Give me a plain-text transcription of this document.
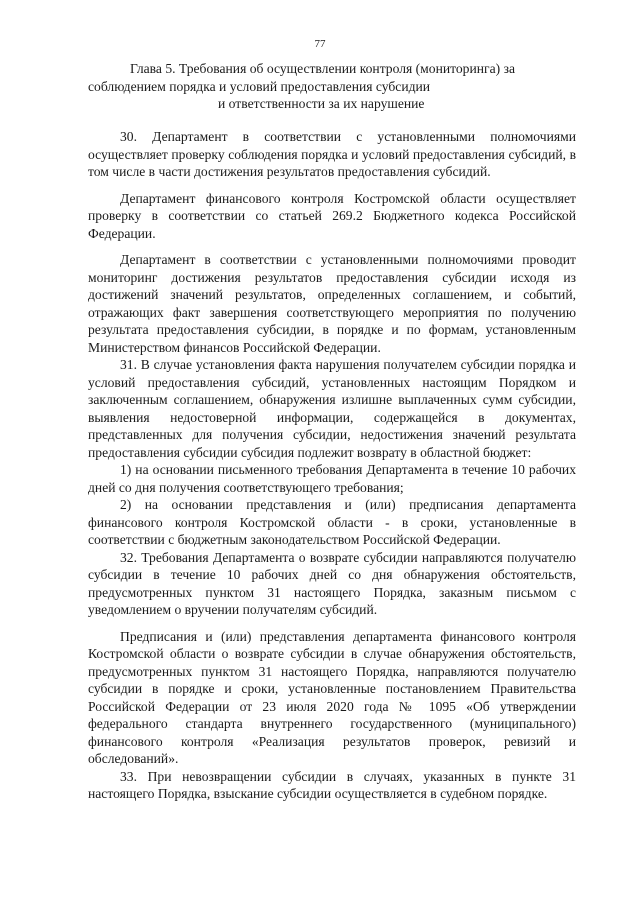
77
Глава 5. Требования об осуществлении контроля (мониторинга) за
соблюдением порядка и условий предоставления субсидии
и ответственности за их нарушение

30. Департамент в соответствии с установленными полномочиями осуществляет проверку соблюдения порядка и условий предоставления субсидий, в том числе в части достижения результатов предоставления субсидий.

Департамент финансового контроля Костромской области осуществляет проверку в соответствии со статьей 269.2 Бюджетного кодекса Российской Федерации.

Департамент в соответствии с установленными полномочиями проводит мониторинг достижения результатов предоставления субсидии исходя из достижений значений результатов, определенных соглашением, и событий, отражающих факт завершения соответствующего мероприятия по получению результата предоставления субсидии, в порядке и по формам, установленным Министерством финансов Российской Федерации.

31. В случае установления факта нарушения получателем субсидии порядка и условий предоставления субсидий, установленных настоящим Порядком и заключенным соглашением, обнаружения излишне выплаченных сумм субсидии, выявления недостоверной информации, содержащейся в документах, представленных для получения субсидии, недостижения значений результата предоставления субсидии субсидия подлежит возврату в областной бюджет:

1) на основании письменного требования Департамента в течение 10 рабочих дней со дня получения соответствующего требования;

2) на основании представления и (или) предписания департамента финансового контроля Костромской области - в сроки, установленные в соответствии с бюджетным законодательством Российской Федерации.

32. Требования Департамента о возврате субсидии направляются получателю субсидии в течение 10 рабочих дней со дня обнаружения обстоятельств, предусмотренных пунктом 31 настоящего Порядка, заказным письмом с уведомлением о вручении получателям субсидий.

Предписания и (или) представления департамента финансового контроля Костромской области о возврате субсидии в случае обнаружения обстоятельств, предусмотренных пунктом 31 настоящего Порядка, направляются получателю субсидии в порядке и сроки, установленные постановлением Правительства Российской Федерации от 23 июля 2020 года № 1095 «Об утверждении федерального стандарта внутреннего государственного (муниципального) финансового контроля «Реализация результатов проверок, ревизий и обследований».

33. При невозвращении субсидии в случаях, указанных в пункте 31 настоящего Порядка, взыскание субсидии осуществляется в судебном порядке.
